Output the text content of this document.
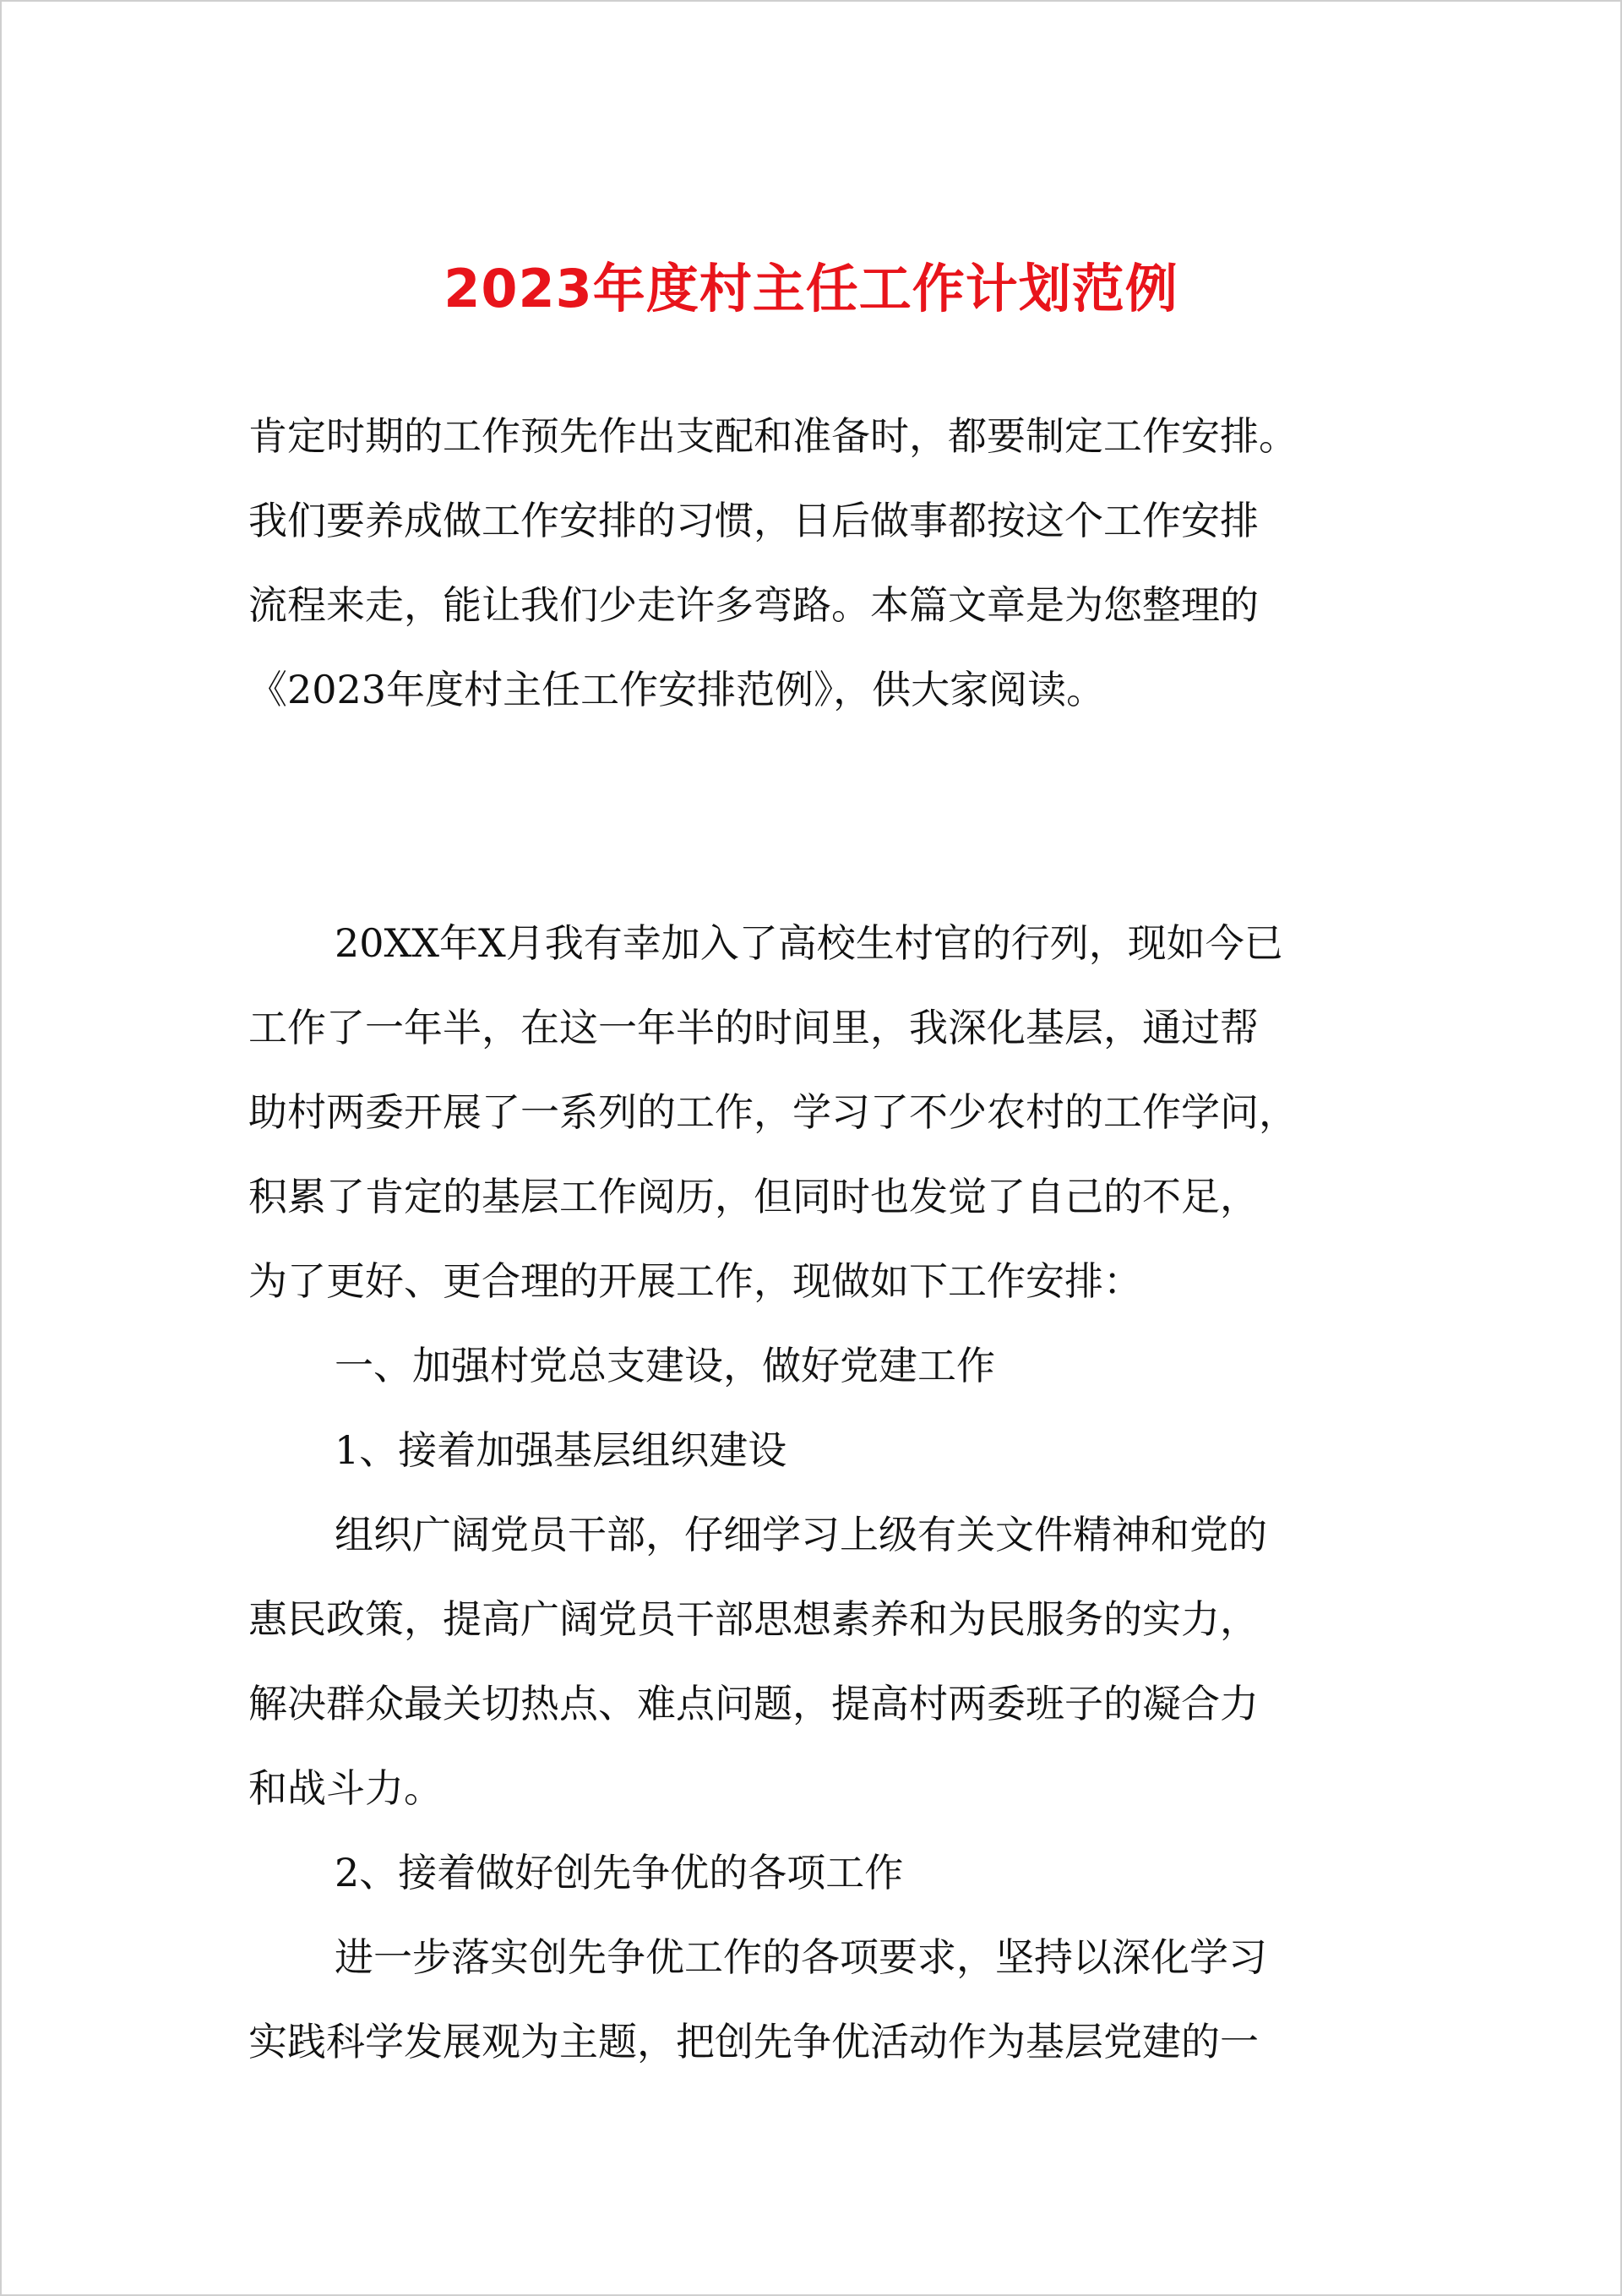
2023年度村主任工作计划范例
肯定时期的工作预先作出支配和准备时，都要制定工作安排。
我们要养成做工作安排的习惯，日后做事都按这个工作安排
流程来走，能让我们少走许多弯路。本篇文章是为您整理的
《2023年度村主任工作安排范例》，供大家阅读。
20XX年X月我有幸加入了高校生村官的行列，现如今已
工作了一年半，在这一年半的时间里，我深化基层，通过帮
助村两委开展了一系列的工作，学习了不少农村的工作学问，
积累了肯定的基层工作阅历，但同时也发觉了自己的不足，
为了更好、更合理的开展工作，现做如下工作安排：
一、加强村党总支建设，做好党建工作
1、接着加强基层组织建设
组织广阔党员干部，仔细学习上级有关文件精神和党的
惠民政策，提高广阔党员干部思想素养和为民服务的实力，
解决群众最关切热点、难点问题，提高村两委班子的凝合力
和战斗力。
2、接着做好创先争优的各项工作
进一步落实创先争优工作的各项要求，坚持以深化学习
实践科学发展观为主题，把创先争优活动作为基层党建的一
